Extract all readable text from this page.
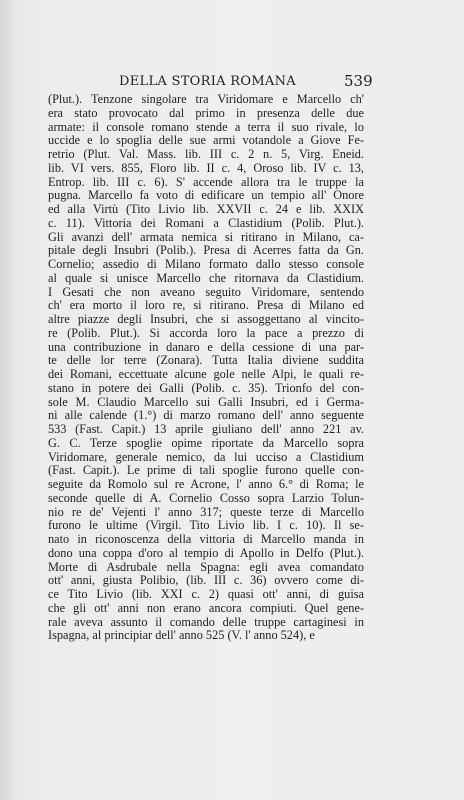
DELLA STORIA ROMANA	539
(Plut.). Tenzone singolare tra Viridomare e Marcello ch'
era stato provocato dal primo in presenza delle due
armate: il console romano stende a terra il suo rivale, lo
uccide e lo spoglia delle sue armi votandole a Giove Fe-
retrio (Plut. Val. Mass. lib. III c. 2 n. 5, Virg. Eneid.
lib. VI vers. 855, Floro lib. II c. 4, Oroso lib. IV c. 13,
Entrop. lib. III c. 6). S' accende allora tra le truppe la
pugna. Marcello fa voto di edificare un tempio all' Onore
ed alla Virtù (Tito Livio lib. XXVII c. 24 e lib. XXIX
c. 11). Vittoria dei Romani a Clastidium (Polib. Plut.).
Gli avanzi dell' armata nemica si ritirano in Milano, ca-
pitale degli Insubri (Polib.). Presa di Acerres fatta da Gn.
Cornelio; assedio di Milano formato dallo stesso console
al quale si unisce Marcello che ritornava da Clastidium.
I Gesati che non aveano seguito Viridomare, sentendo
ch' era morto il loro re, si ritirano. Presa di Milano ed
altre piazze degli Insubri, che si assoggettano al vincito-
re (Polib. Plut.). Si accorda loro la pace a prezzo di
una contribuzione in danaro e della cessione di una par-
te delle lor terre (Zonara). Tutta Italia diviene suddita
dei Romani, eccettuate alcune gole nelle Alpi, le quali re-
stano in potere dei Galli (Polib. c. 35). Trionfo del con-
sole M. Claudio Marcello sui Galli Insubri, ed i Germa-
ni alle calende (1.°) di marzo romano dell' anno seguente
533 (Fast. Capit.) 13 aprile giuliano dell' anno 221 av.
G. C. Terze spoglie opime riportate da Marcello sopra
Viridomare, generale nemico, da lui ucciso a Clastidium
(Fast. Capit.). Le prime di tali spoglie furono quelle con-
seguite da Romolo sul re Acrone, l' anno 6.° di Roma; le
seconde quelle di A. Cornelio Cosso sopra Larzio Tolun-
nio re de' Vejenti l' anno 317; queste terze di Marcello
furono le ultime (Virgil. Tito Livio lib. I c. 10). Il se-
nato in riconoscenza della vittoria di Marcello manda in
dono una coppa d'oro al tempio di Apollo in Delfo (Plut.).
Morte di Asdrubale nella Spagna: egli avea comandato
ott' anni, giusta Polibio, (lib. III c. 36) ovvero come di-
ce Tito Livio (lib. XXI c. 2) quasi ott' anni, di guisa
che gli ott' anni non erano ancora compiuti. Quel gene-
rale aveva assunto il comando delle truppe cartaginesi in
Ispagna, al principiar dell' anno 525 (V. l' anno 524), e
